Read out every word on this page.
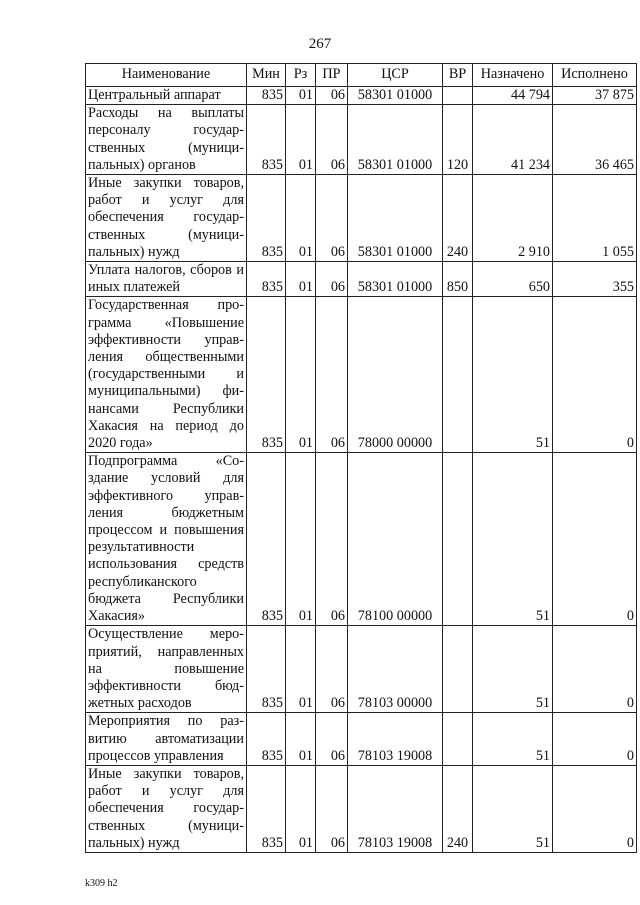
267
Наименование	Мин	Рз	ПР	ЦСР	ВР	Назначено	Исполнено
Центральный аппарат	835	01	06	58301 01000		44 794	37 875
Расходы на выплаты персоналу государственных (муниципальных) органов	835	01	06	58301 01000	120	41 234	36 465
Иные закупки товаров, работ и услуг для обеспечения государственных (муниципальных) нужд	835	01	06	58301 01000	240	2 910	1 055
Уплата налогов, сборов и иных платежей	835	01	06	58301 01000	850	650	355
Государственная программа «Повышение эффективности управления общественными (государственными и муниципальными) финансами Республики Хакасия на период до 2020 года»	835	01	06	78000 00000		51	0
Подпрограмма «Создание условий для эффективного управления бюджетным процессом и повышения результативности использования средств республиканского бюджета Республики Хакасия»	835	01	06	78100 00000		51	0
Осуществление мероприятий, направленных на повышение эффективности бюджетных расходов	835	01	06	78103 00000		51	0
Мероприятия по развитию автоматизации процессов управления	835	01	06	78103 19008		51	0
Иные закупки товаров, работ и услуг для обеспечения государственных (муниципальных) нужд	835	01	06	78103 19008	240	51	0
k309 h2
